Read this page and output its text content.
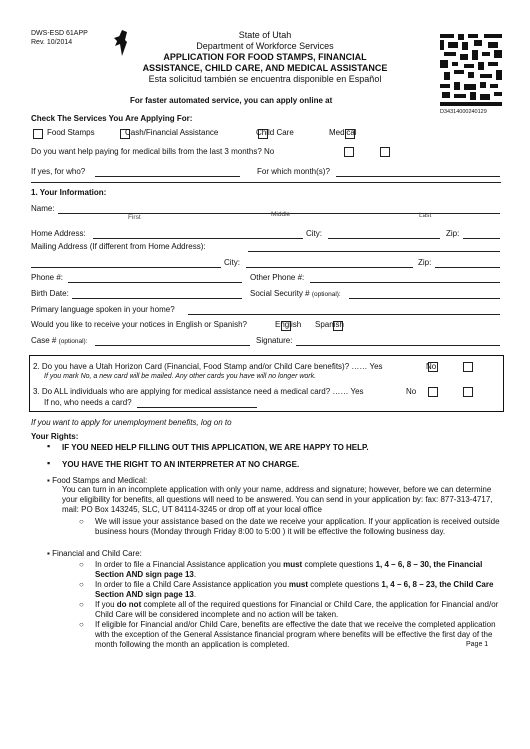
DWS-ESD 61APP
Rev. 10/2014
State of Utah
Department of Workforce Services
APPLICATION FOR FOOD STAMPS, FINANCIAL
ASSISTANCE, CHILD CARE, AND MEDICAL ASSISTANCE
Esta solicitud también se encuentra disponible en Español
D3431400024012​9
For faster automated service, you can apply online at
Check The Services You Are Applying For:
Food Stamps	Cash/Financial Assistance	Child Care	Medical
Do you want help paying for medical bills from the last 3 months? No
If yes, for who?	For which month(s)?
1. Your Information:
Name:
First	Middle	Last
Home Address:	City:	Zip:
Mailing Address (If different from Home Address):
City:	Zip:
Phone #:	Other Phone #:
Birth Date:	Social Security # (optional):
Primary language spoken in your home?
Would you like to receive your notices in English or Spanish?	English Spanish
Case # (optional):	Signature:
2. Do you have a Utah Horizon Card (Financial, Food Stamp and/or Child Care benefits)? …… Yes	No
If you mark No, a new card will be mailed. Any other cards you have will no longer work.
3. Do ALL individuals who are applying for medical assistance need a medical card? …… Yes	No
If no, who needs a card?
If you want to apply for unemployment benefits, log on to
Your Rights:
▪ IF YOU NEED HELP FILLING OUT THIS APPLICATION, WE ARE HAPPY TO HELP.
▪ YOU HAVE THE RIGHT TO AN INTERPRETER AT NO CHARGE.
▪ Food Stamps and Medical:
You can turn in an incomplete application with only your name, address and signature; however, before we can determine your eligibility for benefits, all questions will need to be answered. You can send in your application by: fax: 877-313-4717, mail: PO Box 143245, SLC, UT 84114-3245 or drop off at your local office
○ We will issue your assistance based on the date we receive your application. If your application is received outside business hours (Monday through Friday 8:00 to 5:00 ) it will be effective the following business day.
▪ Financial and Child Care:
○ In order to file a Financial Assistance application you must complete questions 1, 4 – 6, 8 – 30, the Financial Section AND sign page 13.
○ In order to file a Child Care Assistance application you must complete questions 1, 4 – 6, 8 – 23, the Child Care Section AND sign page 13.
○ If you do not complete all of the required questions for Financial or Child Care, the application for Financial and/or Child Care will be considered incomplete and no action will be taken.
○ If eligible for Financial and/or Child Care, benefits are effective the date that we receive the completed application with the exception of the General Assistance financial program where benefits will be effective the first day of the month following the month an application is completed.	Page 1
